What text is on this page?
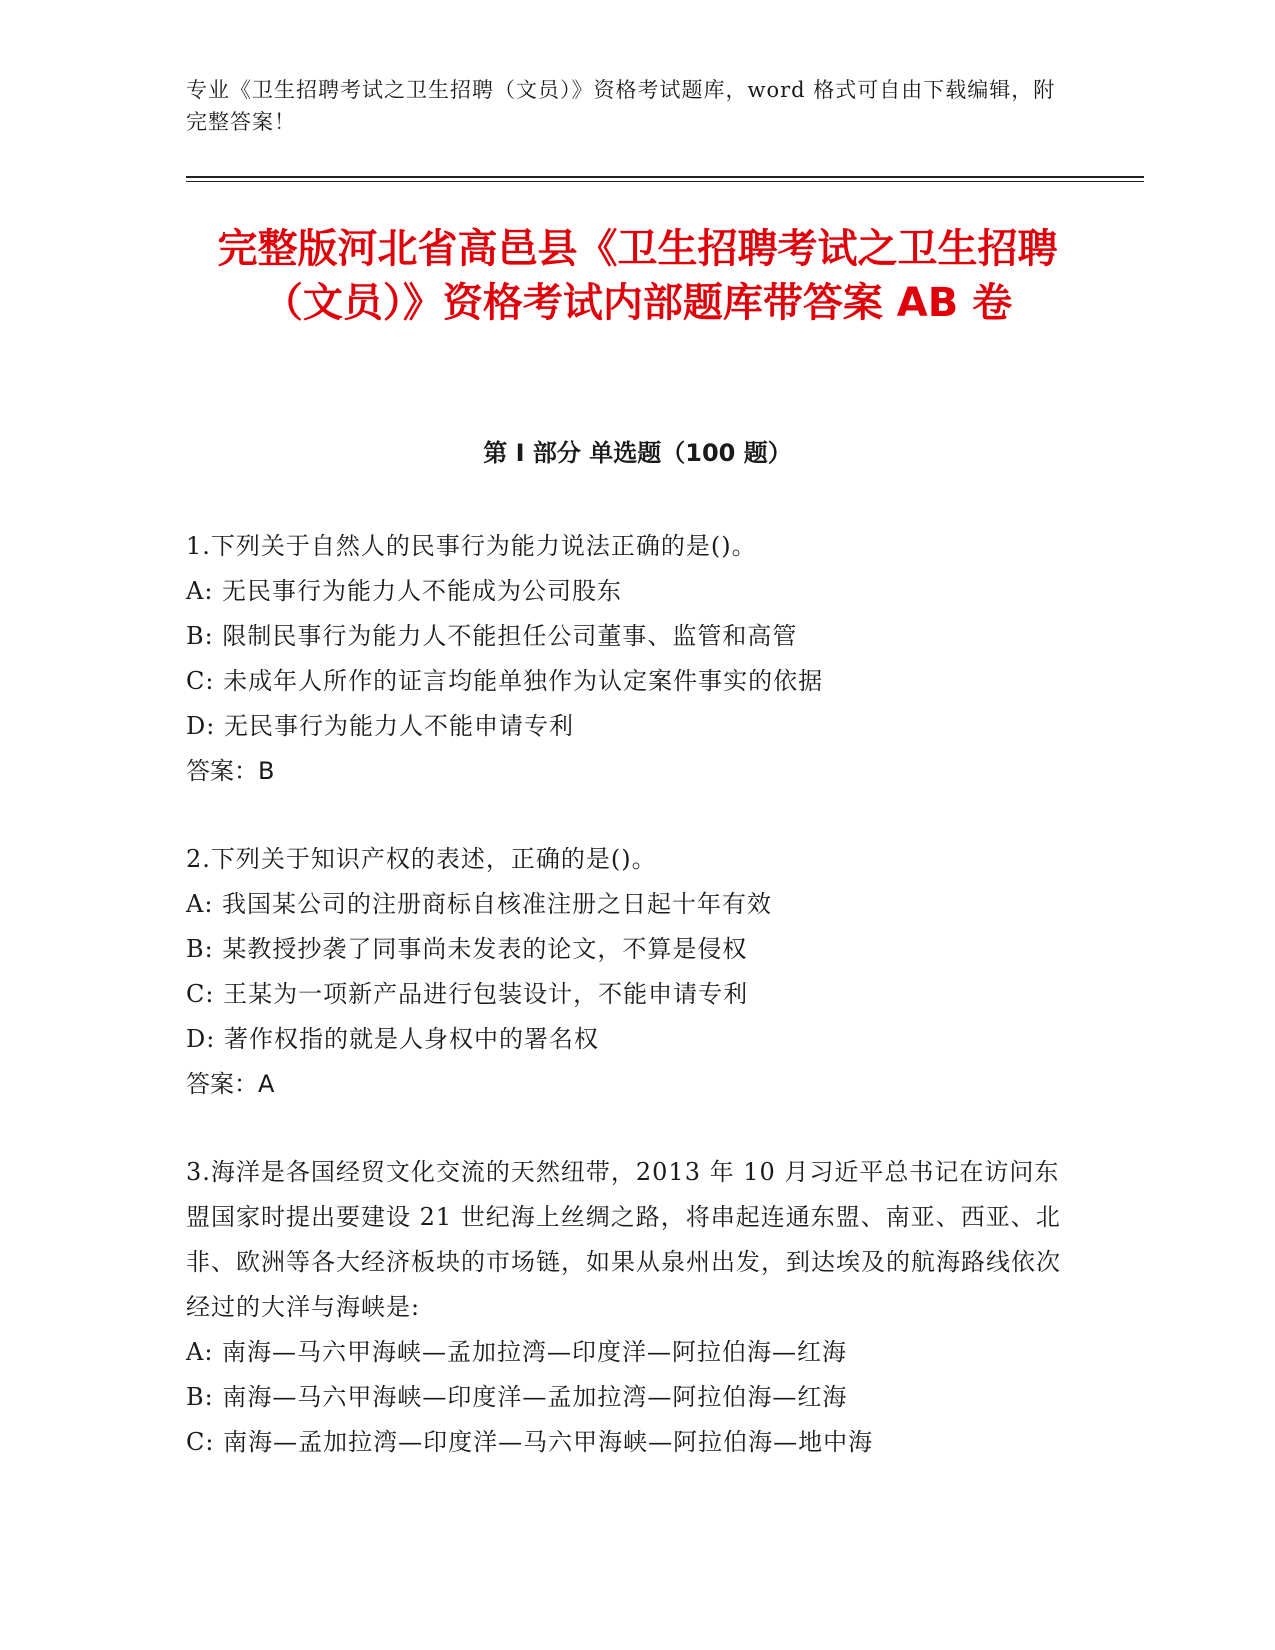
专业《卫生招聘考试之卫生招聘（文员）》资格考试题库，word 格式可自由下载编辑，附完整答案！
完整版河北省高邑县《卫生招聘考试之卫生招聘（文员）》资格考试内部题库带答案 AB 卷
第 I 部分 单选题（100 题）
1.下列关于自然人的民事行为能力说法正确的是()。
A: 无民事行为能力人不能成为公司股东
B: 限制民事行为能力人不能担任公司董事、监管和高管
C: 未成年人所作的证言均能单独作为认定案件事实的依据
D: 无民事行为能力人不能申请专利
答案：B
2.下列关于知识产权的表述，正确的是()。
A: 我国某公司的注册商标自核准注册之日起十年有效
B: 某教授抄袭了同事尚未发表的论文，不算是侵权
C: 王某为一项新产品进行包装设计，不能申请专利
D: 著作权指的就是人身权中的署名权
答案：A
3.海洋是各国经贸文化交流的天然纽带，2013 年 10 月习近平总书记在访问东盟国家时提出要建设 21 世纪海上丝绸之路，将串起连通东盟、南亚、西亚、北非、欧洲等各大经济板块的市场链，如果从泉州出发，到达埃及的航海路线依次经过的大洋与海峡是:
A: 南海—马六甲海峡—孟加拉湾—印度洋—阿拉伯海—红海
B: 南海—马六甲海峡—印度洋—孟加拉湾—阿拉伯海—红海
C: 南海—孟加拉湾—印度洋—马六甲海峡—阿拉伯海—地中海
